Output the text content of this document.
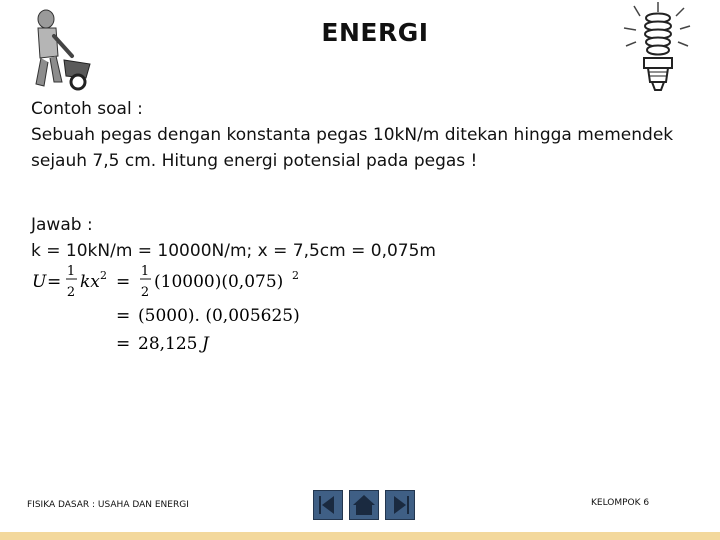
ENERGI

Contoh soal :

Sebuah pegas dengan konstanta pegas 10kN/m ditekan hingga memendek sejauh 7,5 cm. Hitung energi potensial pada pegas !

Jawab :

k = 10kN/m = 10000N/m; x = 7,5cm = 0,075m

U =
1
2
kx 2 =
1
2
(10000)(0,075) 2
= (5000). (0,005625)
= 28,125 J
FISIKA DASAR : USAHA DAN ENERGI	KELOMPOK 6
